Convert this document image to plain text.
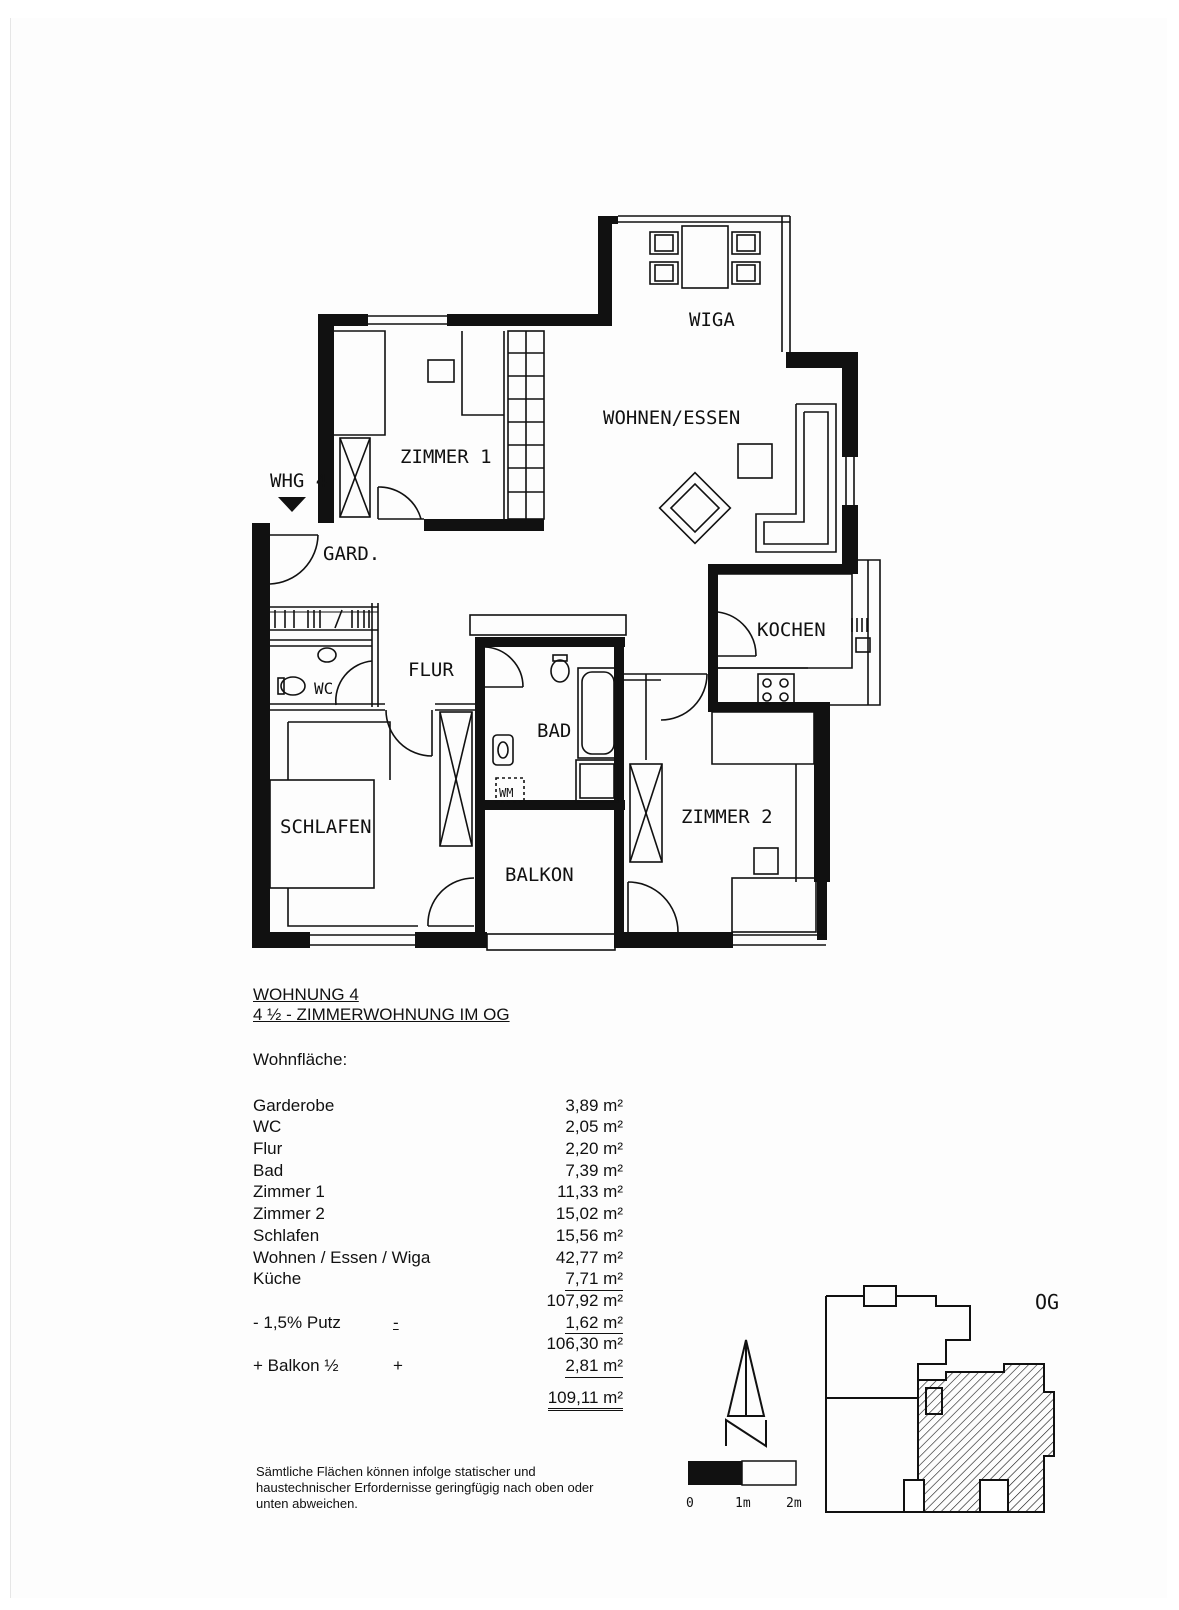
WIGA
WOHNEN/ESSEN
ZIMMER 1
WHG 4
GARD.
KOCHEN
FLUR
WC
BAD
WM
SCHLAFEN	ZIMMER 2
BALKON
WOHNUNG 4
4 ½ - ZIMMERWOHNUNG IM OG
Wohnfläche:
Garderobe	3,89 m²
WC	2,05 m²
Flur	2,20 m²
Bad	7,39 m²
Zimmer 1	11,33 m²
Zimmer 2	15,02 m²
Schlafen	15,56 m²
Wohnen / Essen / Wiga	42,77 m²
Küche	7,71 m²
107,92 m²
- 1,5% Putz	-	1,62 m²
106,30 m²
+ Balkon ½	+	2,81 m²
109,11 m²
Sämtliche Flächen können infolge statischer und haustechnischer Erfordernisse geringfügig nach oben oder unten abweichen.
OG
0	1m	2m
